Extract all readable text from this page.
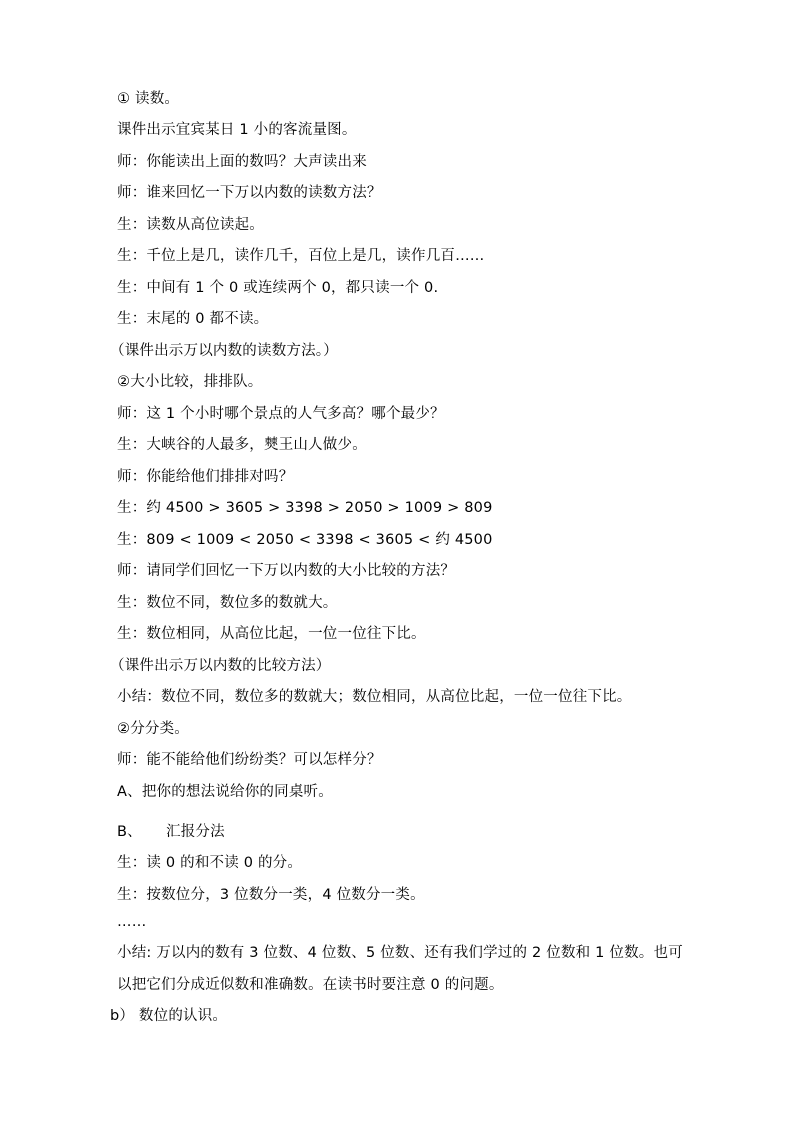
① 读数。
课件出示宜宾某日 1 小的客流量图。
师：你能读出上面的数吗？大声读出来
师：谁来回忆一下万以内数的读数方法？
生：读数从高位读起。
生：千位上是几，读作几千，百位上是几，读作几百……
生：中间有 1 个 0 或连续两个 0，都只读一个 0.
生：末尾的 0 都不读。
（课件出示万以内数的读数方法。）
②大小比较，排排队。
师：这 1 个小时哪个景点的人气多高？哪个最少？
生：大峡谷的人最多，僰王山人做少。
师：你能给他们排排对吗？
生：约 4500 > 3605 > 3398 > 2050 > 1009 > 809
生：809 < 1009 < 2050 < 3398 < 3605 < 约 4500
师：请同学们回忆一下万以内数的大小比较的方法？
生：数位不同，数位多的数就大。
生：数位相同，从高位比起，一位一位往下比。
（课件出示万以内数的比较方法）
小结：数位不同，数位多的数就大；数位相同，从高位比起，一位一位往下比。
②分分类。
师：能不能给他们纷纷类？可以怎样分？
A、把你的想法说给你的同桌听。
B、 汇报分法
生：读 0 的和不读 0 的分。
生：按数位分，3 位数分一类，4 位数分一类。
……
小结: 万以内的数有 3 位数、4 位数、5 位数、还有我们学过的 2 位数和 1 位数。也可
以把它们分成近似数和准确数。在读书时要注意 0 的问题。
b） 数位的认识。
